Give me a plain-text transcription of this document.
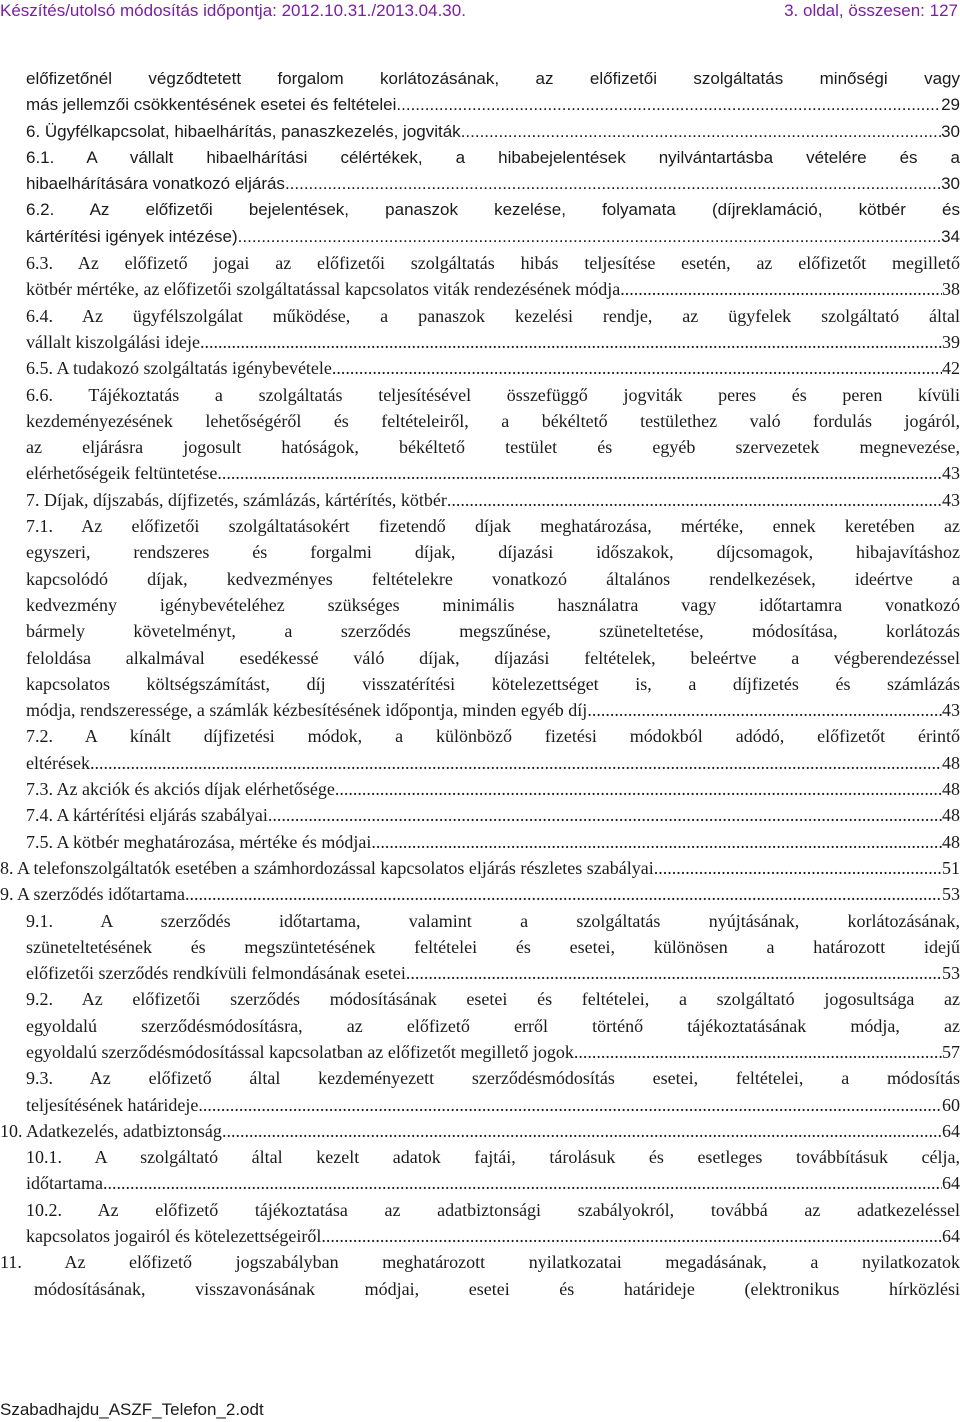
Készítés/utolsó módosítás időpontja: 2012.10.31./2013.04.30.	3. oldal, összesen: 127
előfizetőnél végződtetett forgalom korlátozásának, az előfizetői szolgáltatás minőségi vagy
más jellemzői csökkentésének esetei és feltételei .....	29
6. Ügyfélkapcsolat, hibaelhárítás, panaszkezelés, jogviták .....	30
6.1. A vállalt hibaelhárítási célértékek, a hibabejelentések nyilvántartásba vételére és a
hibaelhárítására vonatkozó eljárás .....	30
6.2. Az előfizetői bejelentések, panaszok kezelése, folyamata (díjreklamáció, kötbér és
kártérítési igények intézése) .....	34
6.3. Az előfizető jogai az előfizetői szolgáltatás hibás teljesítése esetén, az előfizetőt megillető
kötbér mértéke, az előfizetői szolgáltatással kapcsolatos viták rendezésének módja .....	38
6.4. Az ügyfélszolgálat működése, a panaszok kezelési rendje, az ügyfelek szolgáltató által
vállalt kiszolgálási ideje .....	39
6.5. A tudakozó szolgáltatás igénybevétele .....	42
6.6. Tájékoztatás a szolgáltatás teljesítésével összefüggő jogviták peres és peren kívüli
kezdeményezésének lehetőségéről és feltételeiről, a békéltető testülethez való fordulás jogáról,
az eljárásra jogosult hatóságok, békéltető testület és egyéb szervezetek megnevezése,
elérhetőségeik feltüntetése .....	43
7. Díjak, díjszabás, díjfizetés, számlázás, kártérítés, kötbér .....	43
7.1. Az előfizetői szolgáltatásokért fizetendő díjak meghatározása, mértéke, ennek keretében az
egyszeri, rendszeres és forgalmi díjak, díjazási időszakok, díjcsomagok, hibajavításhoz
kapcsolódó díjak, kedvezményes feltételekre vonatkozó általános rendelkezések, ideértve a
kedvezmény igénybevételéhez szükséges minimális használatra vagy időtartamra vonatkozó
bármely követelményt, a szerződés megszűnése, szüneteltetése, módosítása, korlátozás
feloldása alkalmával esedékessé váló díjak, díjazási feltételek, beleértve a végberendezéssel
kapcsolatos költségszámítást, díj visszatérítési kötelezettséget is, a díjfizetés és számlázás
módja, rendszeressége, a számlák kézbesítésének időpontja, minden egyéb díj .....	43
7.2. A kínált díjfizetési módok, a különböző fizetési módokból adódó, előfizetőt érintő
eltérések .....	48
7.3. Az akciók és akciós díjak elérhetősége .....	48
7.4. A kártérítési eljárás szabályai .....	48
7.5. A kötbér meghatározása, mértéke és módjai .....	48
8. A telefonszolgáltatók esetében a számhordozással kapcsolatos eljárás részletes szabályai .....	51
9. A szerződés időtartama .....	53
9.1. A szerződés időtartama, valamint a szolgáltatás nyújtásának, korlátozásának,
szüneteltetésének és megszüntetésének feltételei és esetei, különösen a határozott idejű
előfizetői szerződés rendkívüli felmondásának esetei .....	53
9.2. Az előfizetői szerződés módosításának esetei és feltételei, a szolgáltató jogosultsága az
egyoldalú szerződésmódosításra, az előfizető erről történő tájékoztatásának módja, az
egyoldalú szerződésmódosítással kapcsolatban az előfizetőt megillető jogok .....	57
9.3. Az előfizető által kezdeményezett szerződésmódosítás esetei, feltételei, a módosítás
teljesítésének határideje .....	60
10. Adatkezelés, adatbiztonság .....	64
10.1. A szolgáltató által kezelt adatok fajtái, tárolásuk és esetleges továbbításuk célja,
időtartama .....	64
10.2. Az előfizető tájékoztatása az adatbiztonsági szabályokról, továbbá az adatkezeléssel
kapcsolatos jogairól és kötelezettségeiről .....	64
11. Az előfizető jogszabályban meghatározott nyilatkozatai megadásának, a nyilatkozatok
módosításának, visszavonásának módjai, esetei és határideje (elektronikus hírközlési
Szabadhajdu_ASZF_Telefon_2.odt
